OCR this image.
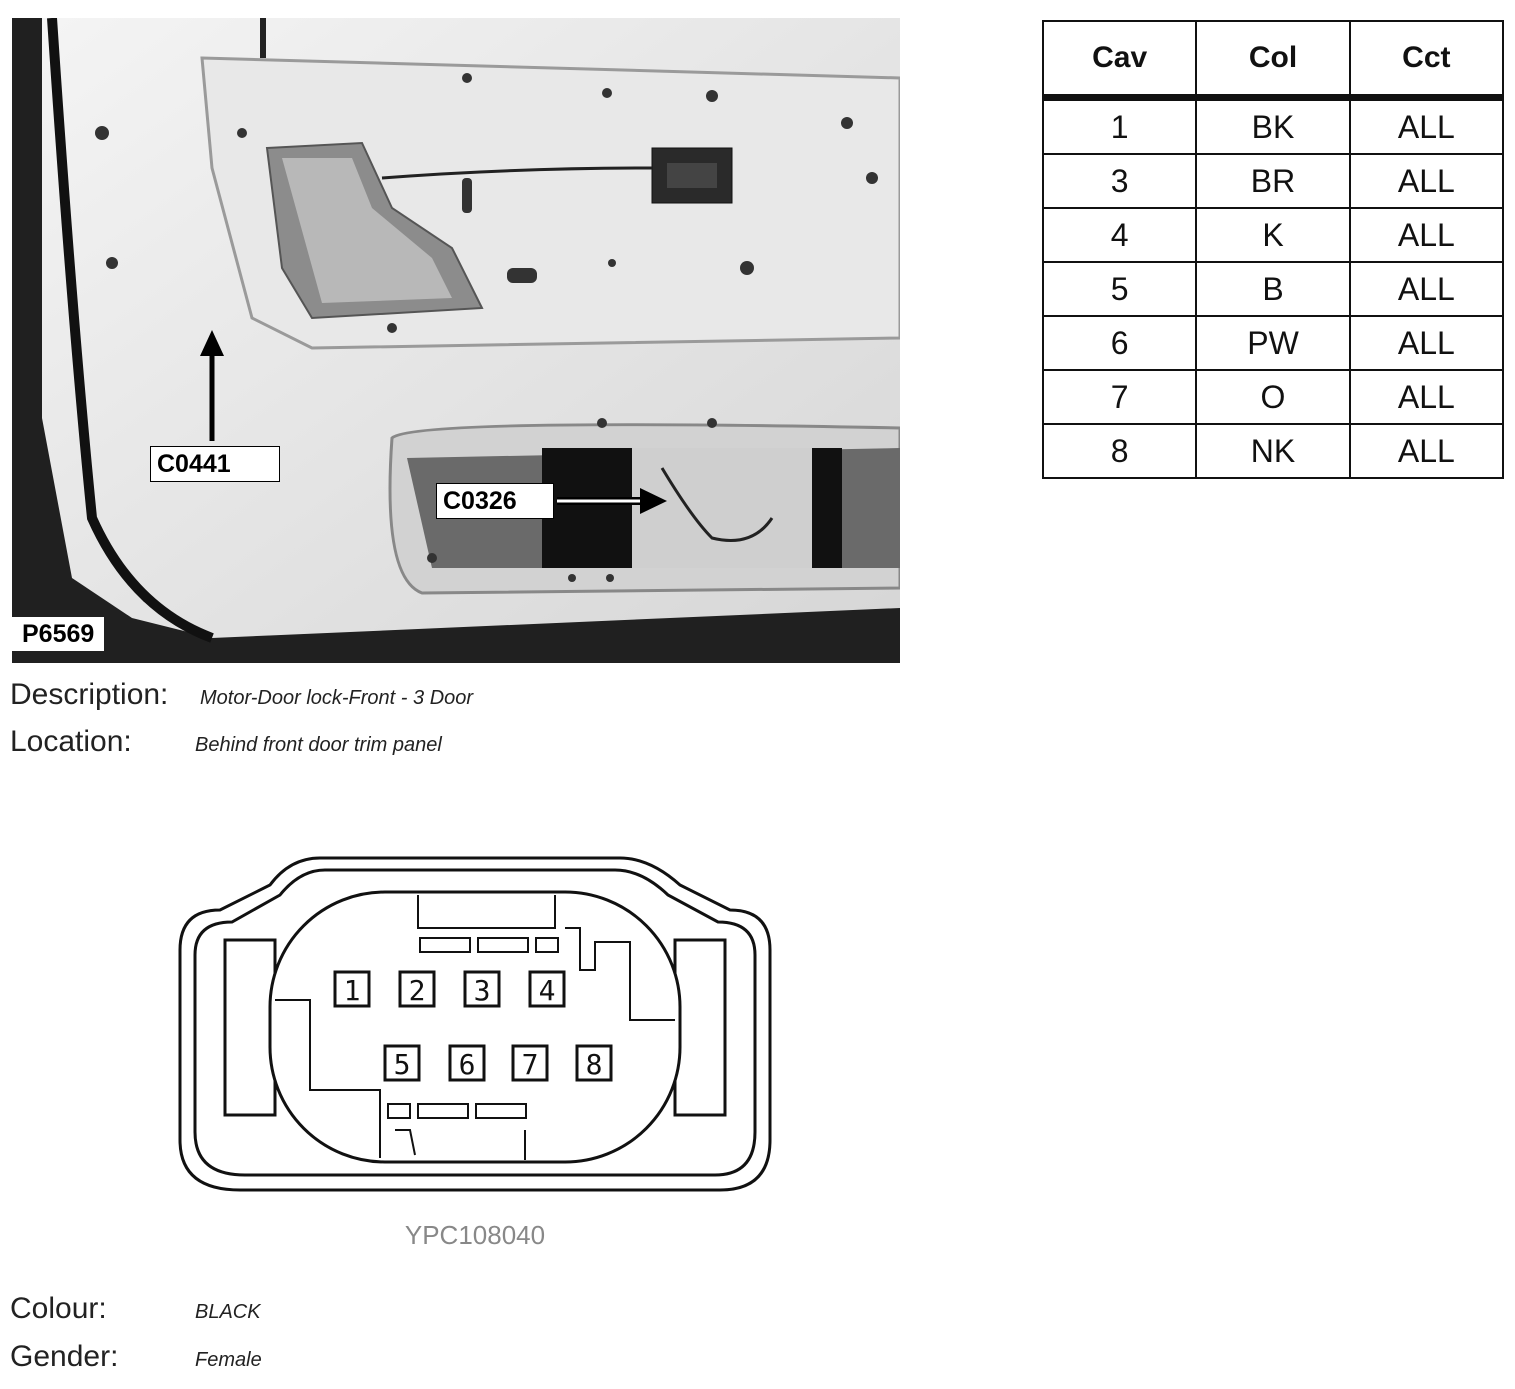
C0441
C0326
P6569
Description: Motor-Door lock-Front - 3 Door
Location:	Behind front door trim panel
Cav	Col	Cct
1	BK	ALL
3	BR	ALL
4	K	ALL
5	B	ALL
6	PW	ALL
7	O	ALL
8	NK	ALL
1 2 3 4
5 6 7 8
YPC108040
Colour:	BLACK
Gender:	Female
